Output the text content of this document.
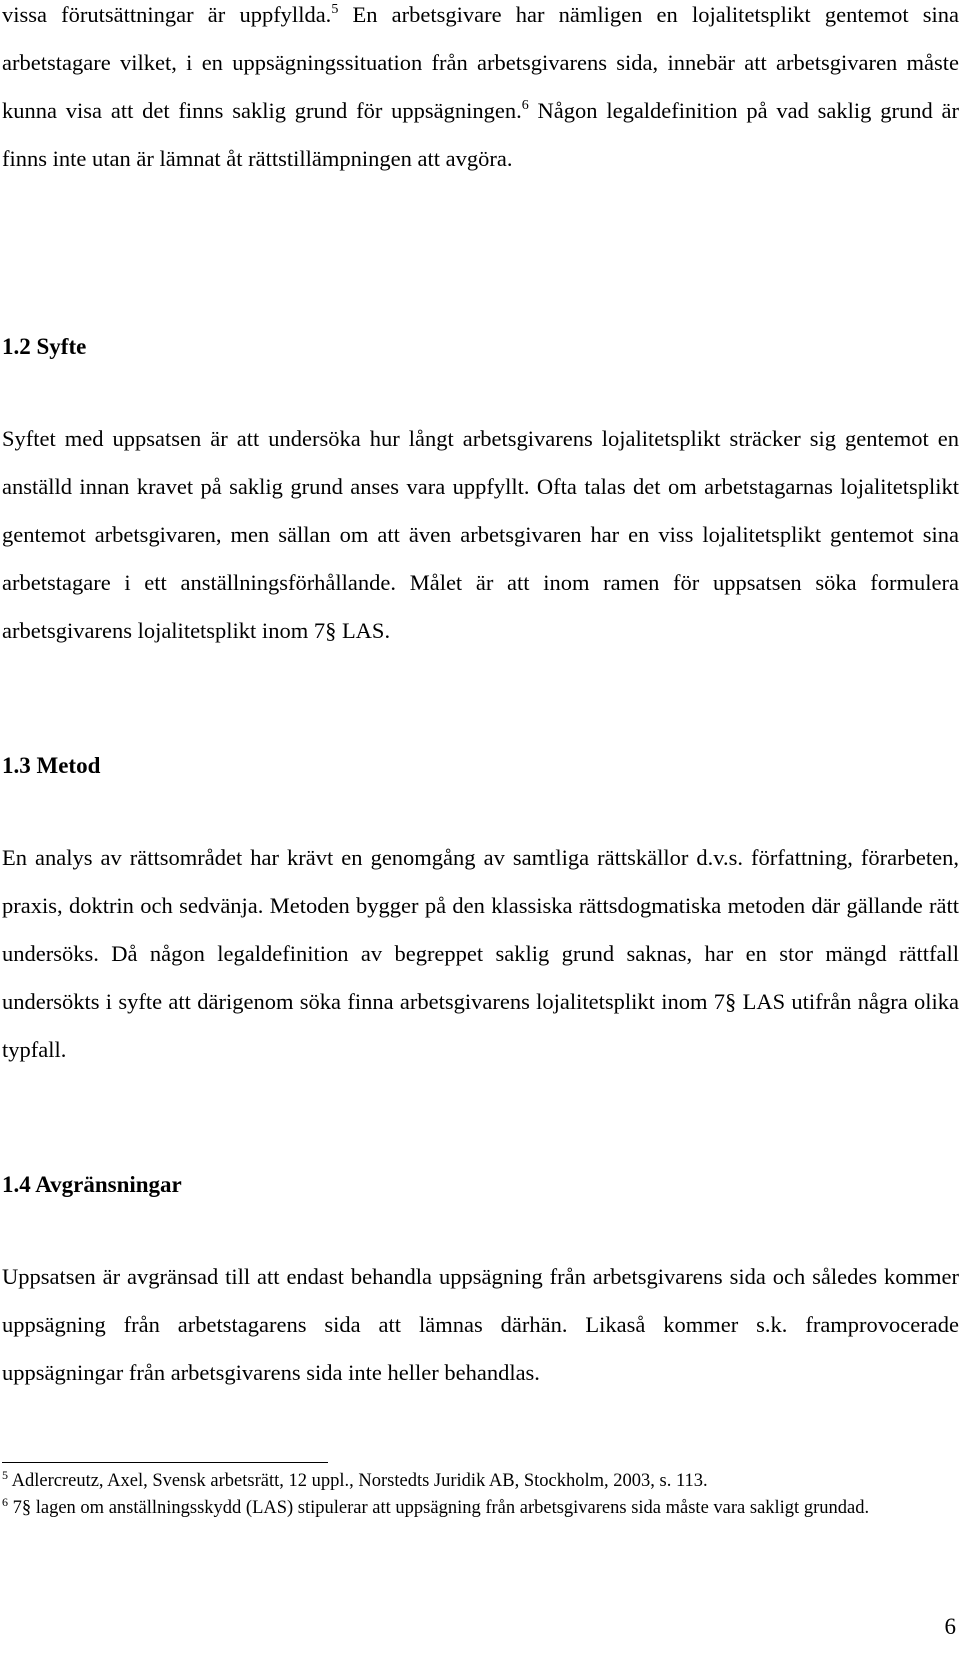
vissa förutsättningar är uppfyllda.$^5$ En arbetsgivare har nämligen en lojalitetsplikt gentemot sina arbetstagare vilket, i en uppsägningssituation från arbetsgivarens sida, innebär att arbetsgivaren måste kunna visa att det finns saklig grund för uppsägningen.$^6$ Någon legaldefinition på vad saklig grund är finns inte utan är lämnat åt rättstillämpningen att avgöra.

1.2 Syfte

Syftet med uppsatsen är att undersöka hur långt arbetsgivarens lojalitetsplikt sträcker sig gentemot en anställd innan kravet på saklig grund anses vara uppfyllt. Ofta talas det om arbetstagarnas lojalitetsplikt gentemot arbetsgivaren, men sällan om att även arbetsgivaren har en viss lojalitetsplikt gentemot sina arbetstagare i ett anställningsförhållande. Målet är att inom ramen för uppsatsen söka formulera arbetsgivarens lojalitetsplikt inom 7§ LAS.

1.3 Metod

En analys av rättsområdet har krävt en genomgång av samtliga rättskällor d.v.s. författning, förarbeten, praxis, doktrin och sedvänja. Metoden bygger på den klassiska rättsdogmatiska metoden där gällande rätt undersöks. Då någon legaldefinition av begreppet saklig grund saknas, har en stor mängd rättfall undersökts i syfte att därigenom söka finna arbetsgivarens lojalitetsplikt inom 7§ LAS utifrån några olika typfall.

1.4 Avgränsningar

Uppsatsen är avgränsad till att endast behandla uppsägning från arbetsgivarens sida och således kommer uppsägning från arbetstagarens sida att lämnas därhän. Likaså kommer s.k. framprovocerade uppsägningar från arbetsgivarens sida inte heller behandlas.

$^5$ Adlercreutz, Axel, Svensk arbetsrätt, 12 uppl., Norstedts Juridik AB, Stockholm, 2003, s. 113.

$^6$ 7§ lagen om anställningsskydd (LAS) stipulerar att uppsägning från arbetsgivarens sida måste vara sakligt grundad.

6
